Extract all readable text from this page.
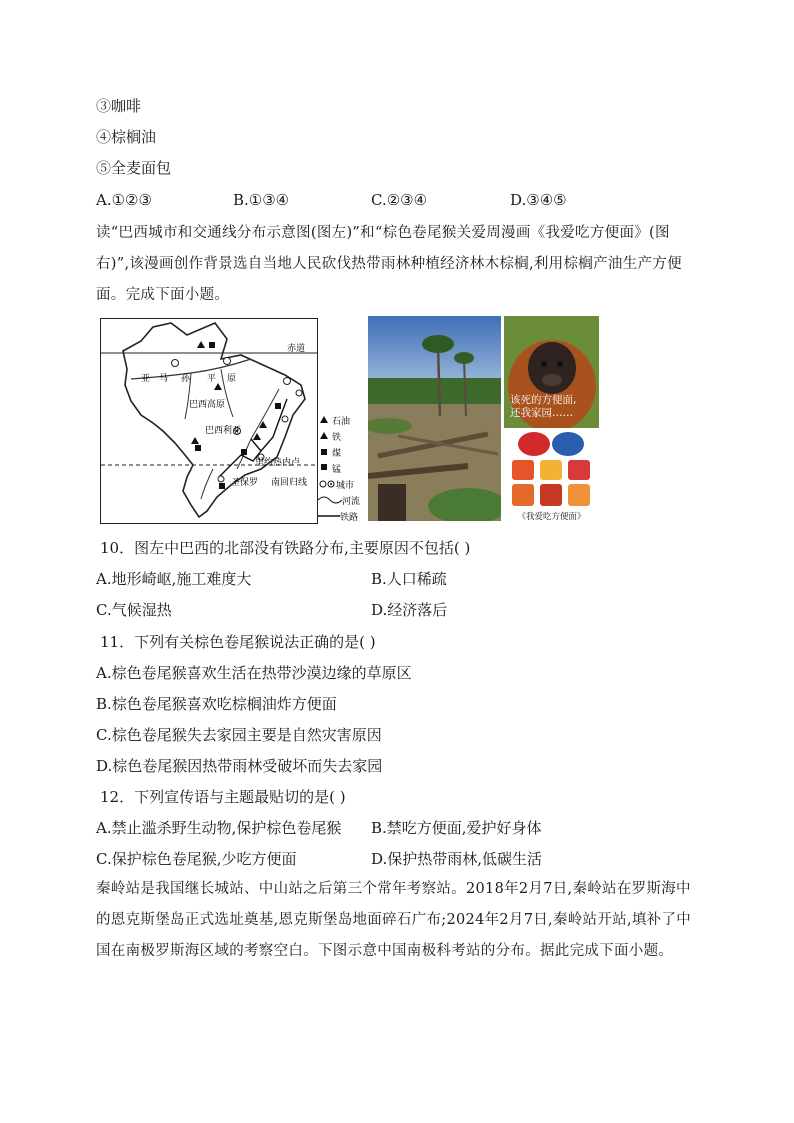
③咖啡
④棕榈油
⑤全麦面包
A.①②③	B.①③④	C.②③④	D.③④⑤
读“巴西城市和交通线分布示意图(图左)”和“棕色卷尾猴关爱周漫画《我爱吃方便面》(图右)”,该漫画创作背景选自当地人民砍伐热带雨林种植经济林木棕榈,利用棕榈产油生产方便面。完成下面小题。
赤道
亚 马 孙 平 原
巴西高原
巴西利亚
里约热内卢
圣保罗 南回归线
石油
铁
煤
锰
城市
河流
铁路
该死的方便面,
还我家园……
《我爱吃方便面》
10．图左中巴西的北部没有铁路分布,主要原因不包括( )
A.地形崎岖,施工难度大	B.人口稀疏
C.气候湿热	D.经济落后
11．下列有关棕色卷尾猴说法正确的是( )
A.棕色卷尾猴喜欢生活在热带沙漠边缘的草原区
B.棕色卷尾猴喜欢吃棕榈油炸方便面
C.棕色卷尾猴失去家园主要是自然灾害原因
D.棕色卷尾猴因热带雨林受破坏而失去家园
12．下列宣传语与主题最贴切的是( )
A.禁止滥杀野生动物,保护棕色卷尾猴 B.禁吃方便面,爱护好身体
C.保护棕色卷尾猴,少吃方便面	D.保护热带雨林,低碳生活
秦岭站是我国继长城站、中山站之后第三个常年考察站。2018年2月7日,秦岭站在罗斯海中的恩克斯堡岛正式选址奠基,恩克斯堡岛地面碎石广布;2024年2月7日,秦岭站开站,填补了中国在南极罗斯海区域的考察空白。下图示意中国南极科考站的分布。据此完成下面小题。
